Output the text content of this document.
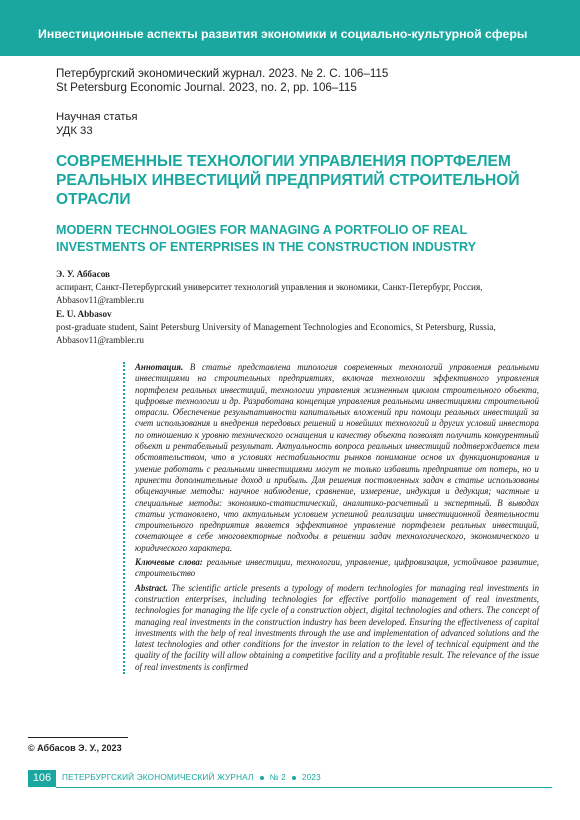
Инвестиционные аспекты развития экономики и социально-культурной сферы
Петербургский экономический журнал. 2023. № 2. С. 106–115
St Petersburg Economic Journal. 2023, no. 2, pp. 106–115
Научная статья
УДК 33
СОВРЕМЕННЫЕ ТЕХНОЛОГИИ УПРАВЛЕНИЯ ПОРТФЕЛЕМ РЕАЛЬНЫХ ИНВЕСТИЦИЙ ПРЕДПРИЯТИЙ СТРОИТЕЛЬНОЙ ОТРАСЛИ
MODERN TECHNOLOGIES FOR MANAGING A PORTFOLIO OF REAL INVESTMENTS OF ENTERPRISES IN THE CONSTRUCTION INDUSTRY
Э. У. Аббасов
аспирант, Санкт-Петербургский университет технологий управления и экономики, Санкт-Петербург, Россия, Abbasov11@rambler.ru
E. U. Abbasov
post-graduate student, Saint Petersburg University of Management Technologies and Economics, St Petersburg, Russia, Abbasov11@rambler.ru

Аннотация. В статье представлена типология современных технологий управления реальными инвестициями на строительных предприятиях, включая технологии эффективного управления портфелем реальных инвестиций, технологии управления жизненным циклом строительного объекта, цифровые технологии и др. Разработана концепция управления реальными инвестициями строительной отрасли. Обеспечение результативности капитальных вложений при помощи реальных инвестиций за счет использования и внедрения передовых решений и новейших технологий и других условий инвестора по отношению к уровню технического оснащения и качеству объекта позволят получить конкурентный объект и рентабельный результат. Актуальность вопроса реальных инвестиций подтверждается тем обстоятельством, что в условиях нестабильности рынков понимание основ их функционирования и умение работать с реальными инвестициями могут не только избавить предприятие от потерь, но и принести дополнительные доход и прибыль. Для решения поставленных задач в статье использованы общенаучные методы: научное наблюдение, сравнение, измерение, индукция и дедукция; частные и специальные методы: экономико-статистический, аналитико-расчетный и экспертный. В выводах статьи установлено, что актуальным условием успешной реализации инвестиционной деятельности строительного предприятия является эффективное управление портфелем реальных инвестиций, сочетающее в себе многовекторные подходы в решении задач технологического, экономического и юридического характера.

Ключевые слова: реальные инвестиции, технологии, управление, цифровизация, устойчивое развитие, строительство

Abstract. The scientific article presents a typology of modern technologies for managing real investments in construction enterprises, including technologies for effective portfolio management of real investments, technologies for managing the life cycle of a construction object, digital technologies and others. The concept of managing real investments in the construction industry has been developed. Ensuring the effectiveness of capital investments with the help of real investments through the use and implementation of advanced solutions and the latest technologies and other conditions for the investor in relation to the level of technical equipment and the quality of the facility will allow obtaining a competitive facility and a profitable result. The relevance of the issue of real investments is confirmed

© Аббасов Э. У., 2023
106	ПЕТЕРБУРГСКИЙ ЭКОНОМИЧЕСКИЙ ЖУРНАЛ № 2 2023
